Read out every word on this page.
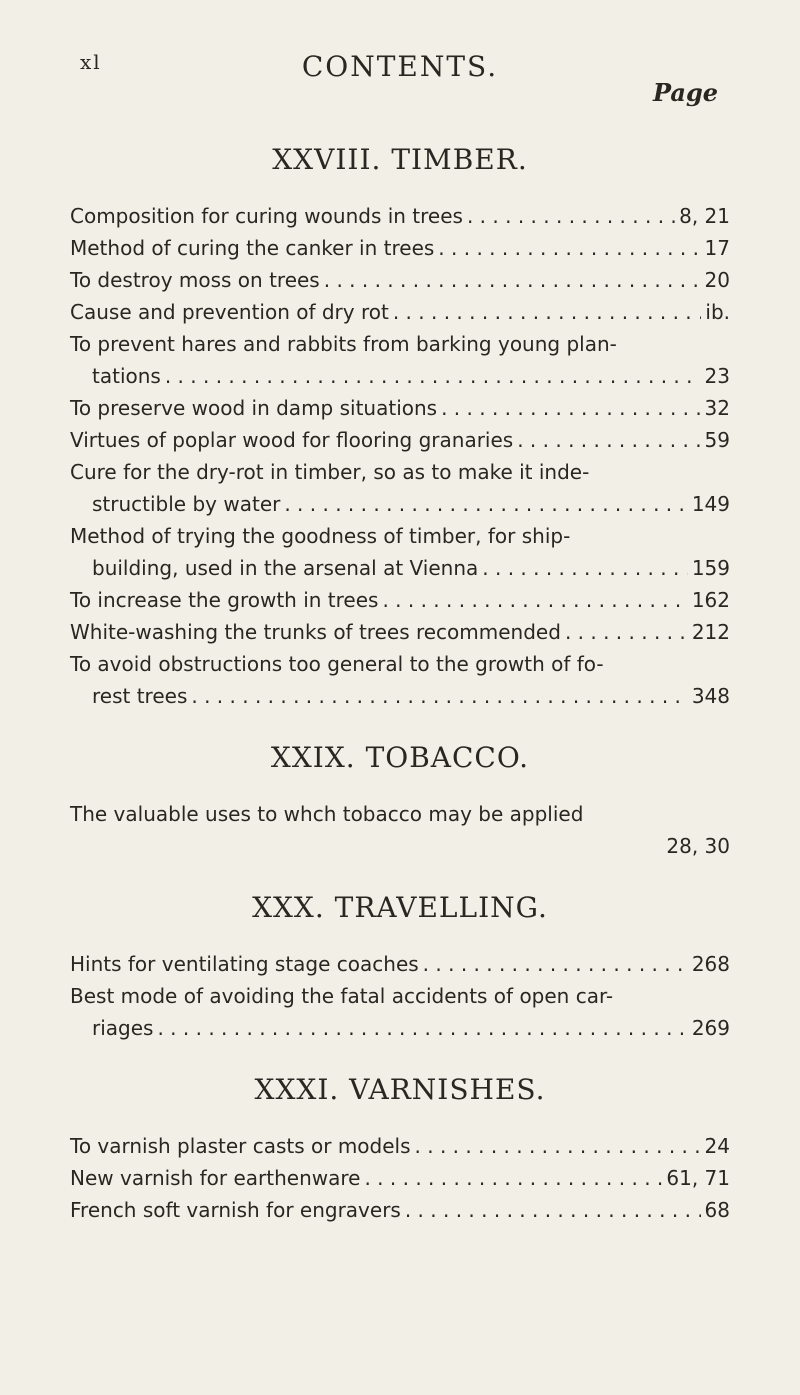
xl	CONTENTS.
Page
XXVIII. TIMBER.
Composition for curing wounds in trees . . .	8, 21
Method of curing the canker in trees . . .	17
To destroy moss on trees . . .	20
Cause and prevention of dry rot . . .	ib.
To prevent hares and rabbits from barking young plan-
tations . . .	23
To preserve wood in damp situations . . .	32
Virtues of poplar wood for flooring granaries . . .	59
Cure for the dry-rot in timber, so as to make it inde-
structible by water . . .	149
Method of trying the goodness of timber, for ship-
building, used in the arsenal at Vienna . . .	159
To increase the growth in trees . . .	162
White-washing the trunks of trees recommended . . .	212
To avoid obstructions too general to the growth of fo-
rest trees . . .	348
XXIX. TOBACCO.
The valuable uses to whch tobacco may be applied
28, 30
XXX. TRAVELLING.
Hints for ventilating stage coaches . . .	268
Best mode of avoiding the fatal accidents of open car-
riages . . .	269
XXXI. VARNISHES.
To varnish plaster casts or models . . .	24
New varnish for earthenware . . .	61, 71
French soft varnish for engravers . . .	68
